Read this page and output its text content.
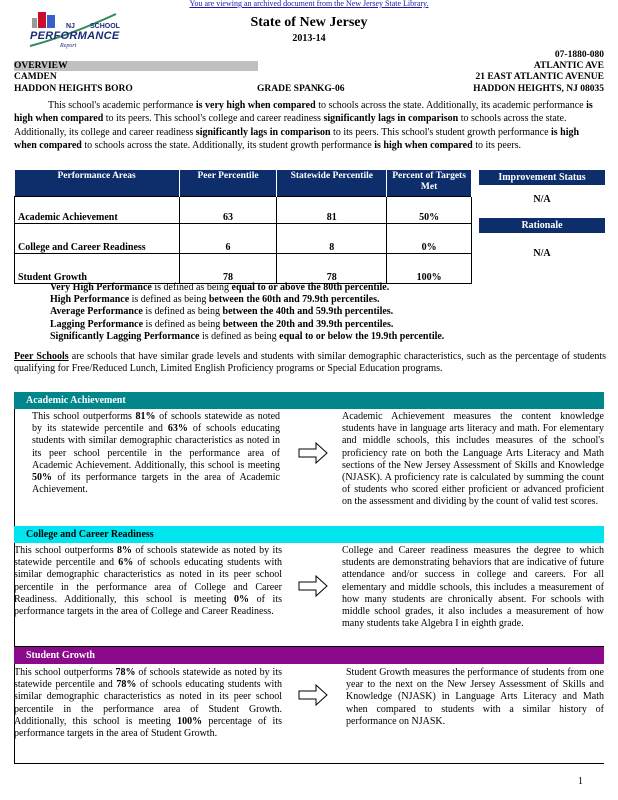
You are viewing an archived document from the New Jersey State Library.
NJ SCHOOL
PERFORMANCE
Report
State of New Jersey
2013-14
07-1880-080
OVERVIEW	ATLANTIC AVE
CAMDEN	21 EAST ATLANTIC AVENUE
HADDON HEIGHTS BORO	GRADE SPAN KG-06	HADDON HEIGHTS, NJ 08035
This school's academic performance is very high when compared to schools across the state. Additionally, its academic performance is high when compared to its peers. This school's college and career readiness significantly lags in comparison to schools across the state. Additionally, its college and career readiness significantly lags in comparison to its peers. This school's student growth performance is high when compared to schools across the state. Additionally, its student growth performance is high when compared to its peers.
Performance Areas	Peer Percentile	Statewide Percentile	Percent of Targets Met
Academic Achievement	63	81	50%
College and Career Readiness	6	8	0%
Student Growth	78	78	100%
Improvement Status
N/A
Rationale
N/A
Very High Performance is defined as being equal to or above the 80th percentile.
High Performance is defined as being between the 60th and 79.9th percentiles.
Average Performance is defined as being between the 40th and 59.9th percentiles.
Lagging Performance is defined as being between the 20th and 39.9th percentiles.
Significantly Lagging Performance is defined as being equal to or below the 19.9th percentile.
Peer Schools are schools that have similar grade levels and students with similar demographic characteristics, such as the percentage of students qualifying for Free/Reduced Lunch, Limited English Proficiency programs or Special Education programs.
Academic Achievement
This school outperforms 81% of schools statewide as noted by its statewide percentile and 63% of schools educating students with similar demographic characteristics as noted in its peer school percentile in the performance area of Academic Achievement. Additionally, this school is meeting 50% of its performance targets in the area of Academic Achievement.
Academic Achievement measures the content knowledge students have in language arts literacy and math. For elementary and middle schools, this includes measures of the school's proficiency rate on both the Language Arts Literacy and Math sections of the New Jersey Assessment of Skills and Knowledge (NJASK). A proficiency rate is calculated by summing the count of students who scored either proficient or advanced proficient on the assessment and dividing by the count of valid test scores.
College and Career Readiness
This school outperforms 8% of schools statewide as noted by its statewide percentile and 6% of schools educating students with similar demographic characteristics as noted in its peer school percentile in the performance area of College and Career Readiness. Additionally, this school is meeting 0% of its performance targets in the area of College and Career Readiness.
College and Career readiness measures the degree to which students are demonstrating behaviors that are indicative of future attendance and/or success in college and careers. For all elementary and middle schools, this includes a measurement of how many students are chronically absent. For schools with middle school grades, it also includes a measurement of how many students take Algebra I in eighth grade.
Student Growth
This school outperforms 78% of schools statewide as noted by its statewide percentile and 78% of schools educating students with similar demographic characteristics as noted in its peer school percentile in the performance area of Student Growth. Additionally, this school is meeting 100% percentage of its performance targets in the area of Student Growth.
Student Growth measures the performance of students from one year to the next on the New Jersey Assessment of Skills and Knowledge (NJASK) in Language Arts Literacy and Math when compared to students with a similar history of performance on NJASK.
1
